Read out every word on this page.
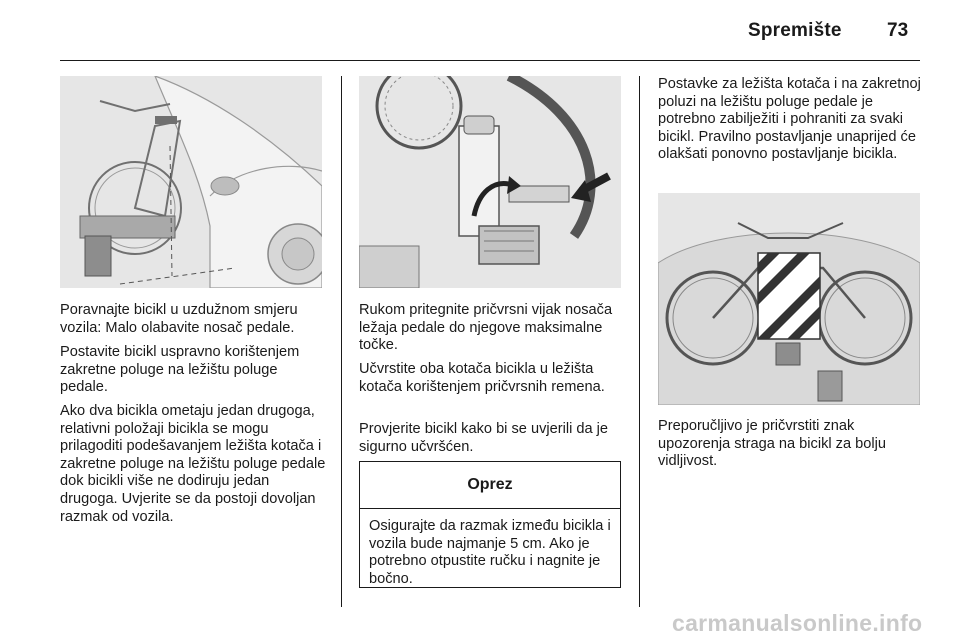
Spremište 73

Poravnajte bicikl u uzdužnom smjeru vozila: Malo olabavite nosač pedale.

Postavite bicikl uspravno korištenjem zakretne poluge na ležištu poluge pedale.

Ako dva bicikla ometaju jedan drugoga, relativni položaji bicikla se mogu prilagoditi podešavanjem ležišta kotača i zakretne poluge na ležištu poluge pedale dok bicikli više ne dodiruju jedan drugoga. Uvjerite se da postoji dovoljan razmak od vozila.

Rukom pritegnite pričvrsni vijak nosača ležaja pedale do njegove maksimalne točke.

Učvrstite oba kotača bicikla u ležišta kotača korištenjem pričvrsnih remena.

Provjerite bicikl kako bi se uvjerili da je sigurno učvršćen.

Oprez
Osigurajte da razmak između bicikla i vozila bude najmanje 5 cm. Ako je potrebno otpustite ručku i nagnite je bočno.

Postavke za ležišta kotača i na zakretnoj poluzi na ležištu poluge pedale je potrebno zabilježiti i pohraniti za svaki bicikl. Pravilno postavljanje unaprijed će olakšati ponovno postavljanje bicikla.

Preporučljivo je pričvrstiti znak upozorenja straga na bicikl za bolju vidljivost.

carmanualsonline.info
